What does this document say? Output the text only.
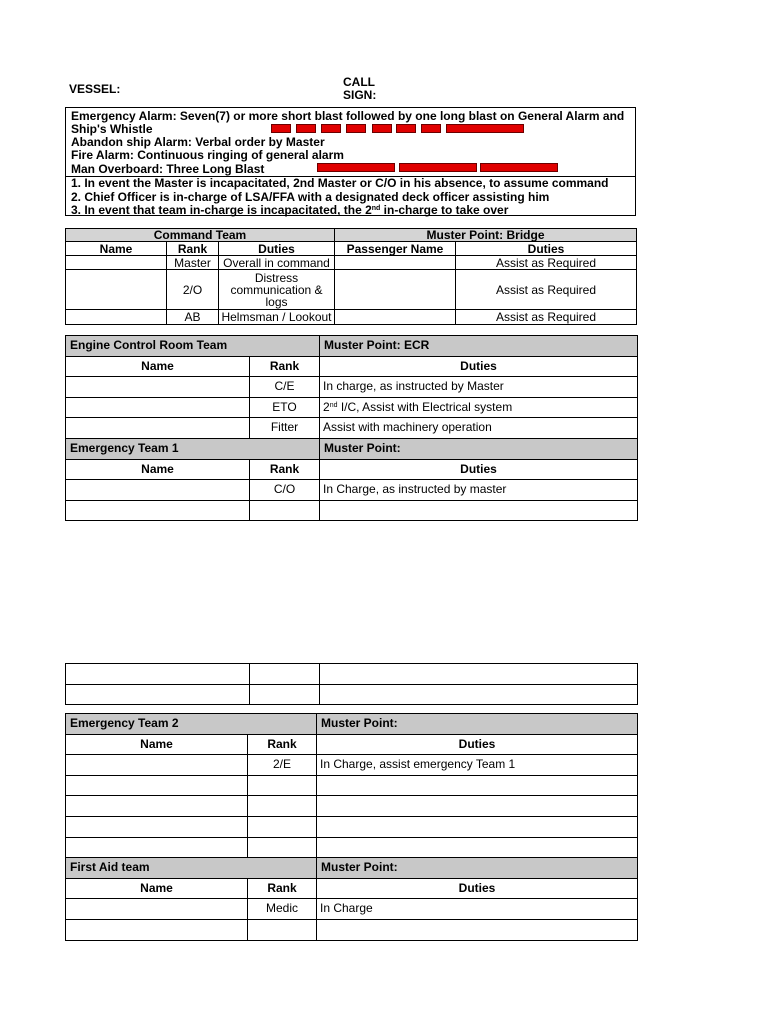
VESSEL:	CALL
SIGN:
Emergency Alarm: Seven(7) or more short blast followed by one long blast on General Alarm and
Ship's Whistle
Abandon ship Alarm: Verbal order by Master
Fire Alarm: Continuous ringing of general alarm
Man Overboard: Three Long Blast
1. In event the Master is incapacitated, 2nd Master or C/O in his absence, to assume command
2. Chief Officer is in-charge of LSA/FFA with a designated deck officer assisting him
3. In event that team in-charge is incapacitated, the 2nd in-charge to take over
Command Team			Muster Point: Bridge	
Name	Rank	Duties	Passenger Name	Duties
	Master	Overall in command		Assist as Required
	2/O	Distress communication & logs		Assist as Required
	AB	Helmsman / Lookout		Assist as Required
Engine Control Room Team		Muster Point: ECR
Name	Rank	Duties
	C/E	In charge, as instructed by Master
	ETO	2nd I/C, Assist with Electrical system
	Fitter	Assist with machinery operation
Emergency Team 1		Muster Point:
Name	Rank	Duties
	C/O	In Charge, as instructed by master

Emergency Team 2		Muster Point:
Name	Rank	Duties
	2/E	In Charge, assist emergency Team 1

First Aid team		Muster Point:
Name	Rank	Duties
	Medic	In Charge
